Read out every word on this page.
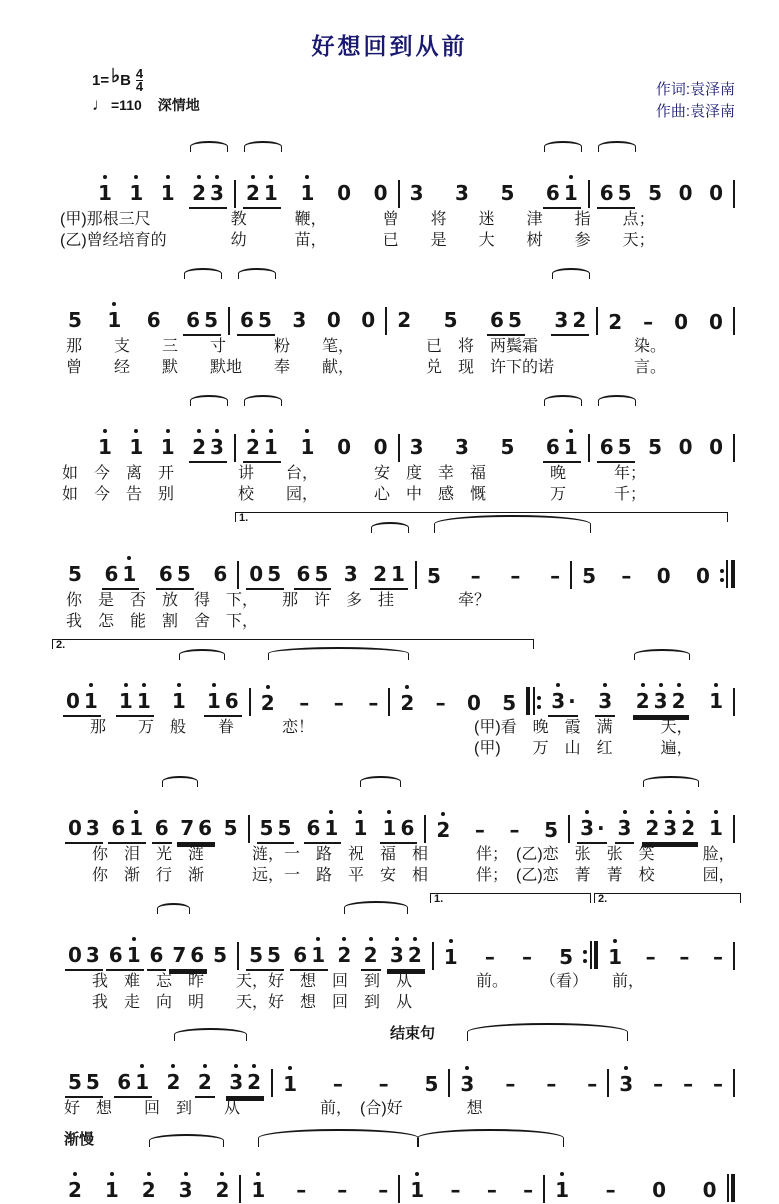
好想回到从前
1= ♭ B $\frac{4}{4}$
♩ =110 深情地
作词:袁泽南
作曲:袁泽南
1 1 1 2 3 2 1 1 0 0 3 3 5 6 1 6 5 5 0 0
(甲)那根三尺　　　　　教　　　鞭，　　　　曾　　将　　迷　　津　　指　　点；
(乙)曾经培育的　　　　幼　　　苗，　　　　已　　是　　大　　树　　参　　天；
5 1 6 6 5 6 5 3 0 0 2 5 6 5 3 2 2 – 0 0
那　　支　　三　　寸　　　粉　　笔，　　　　　已　将　两鬓霜　　　　　　染。
曾　　经　　默　　默地　　奉　　献，　　　　　兑　现　许下的诺　　　　　言。
1 1 1 2 3 2 1 1 0 0 3 3 5 6 1 6 5 5 0 0
如　今　离　开　　　　讲　　台，　　　　安　度　幸　福　　　　晚　　　年；
如　今　告　别　　　　校　　园，　　　　心　中　感　慨　　　　万　　　千；
5 6 1 6 5 6 0 5 6 5 3 2 1 5 – – – 5 – 0 0
1.
你　是　否　放　得　下，　　那　许　多　挂　　　　牵？
我　怎　能　割　舍　下，
0 1 1 1 1 1 6 2 – – – 2 – 0 5 3 · 3 2 3 2 1
2.
　　那　　万　般　　眷　　　恋！　　　　　　　　　　(甲)看　晚　霞　满　　　天，
　　　　　　　　　　　　　　　　　　　　　　　　　　(甲)　　万　山　红　　　遍，
0 3 6 1 6 7 6 5 5 5 6 1 1 1 6 2 – – 5 3 · 3 2 3 2 1
你　泪　光　涟　　　涟，一　路　祝　福　相　　　伴；　(乙)恋　张　张　笑　　　脸，
你　渐　行　渐　　　远，一　路　平　安　相　　　伴；　(乙)恋　菁　菁　校　　　园，
0 3 6 1 6 7 6 5 5 5 6 1 2 2 3 2 1 – – 5 1 – – –
1.	2.
我　难　忘　昨　　天，好　想　回　到　从　　　　前。　　　（看）　　前，
我　走　向　明　　天，好　想　回　到　从
5 5 6 1 2 2 3 2 1 – – 5 3 – – – 3 – – –
结束句
好　想　　回　到　　从　　　　　前，　(合)好　　　　想
2 1 2 3 2 1 – – – 1 – – – 1 – 0 0
渐慢
